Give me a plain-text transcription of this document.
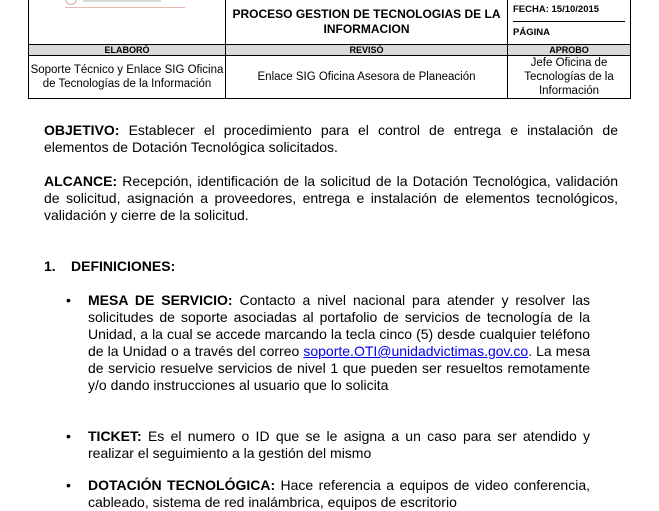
	PROCESO GESTION DE TECNOLOGIAS DE LA INFORMACION	FECHA: 15/10/2015
PÁGINA

ELABORÓ	REVISÓ	APROBO
Soporte Técnico y Enlace SIG Oficina de Tecnologías de la Información	Enlace SIG Oficina Asesora de Planeación	Jefe Oficina de Tecnologías de la Información
OBJETIVO: Establecer el procedimiento para el control de entrega e instalación de elementos de Dotación Tecnológica solicitados.
ALCANCE: Recepción, identificación de la solicitud de la Dotación Tecnológica, validación de solicitud, asignación a proveedores, entrega e instalación de elementos tecnológicos, validación y cierre de la solicitud.
1. DEFINICIONES:
•	MESA DE SERVICIO: Contacto a nivel nacional para atender y resolver las solicitudes de soporte asociadas al portafolio de servicios de tecnología de la Unidad, a la cual se accede marcando la tecla cinco (5) desde cualquier teléfono de la Unidad o a través del correo soporte.OTI@unidadvictimas.gov.co. La mesa de servicio resuelve servicios de nivel 1 que pueden ser resueltos remotamente y/o dando instrucciones al usuario que lo solicita
•	TICKET: Es el numero o ID que se le asigna a un caso para ser atendido y realizar el seguimiento a la gestión del mismo
•	DOTACIÓN TECNOLÓGICA: Hace referencia a equipos de video conferencia, cableado, sistema de red inalámbrica, equipos de escritorio
